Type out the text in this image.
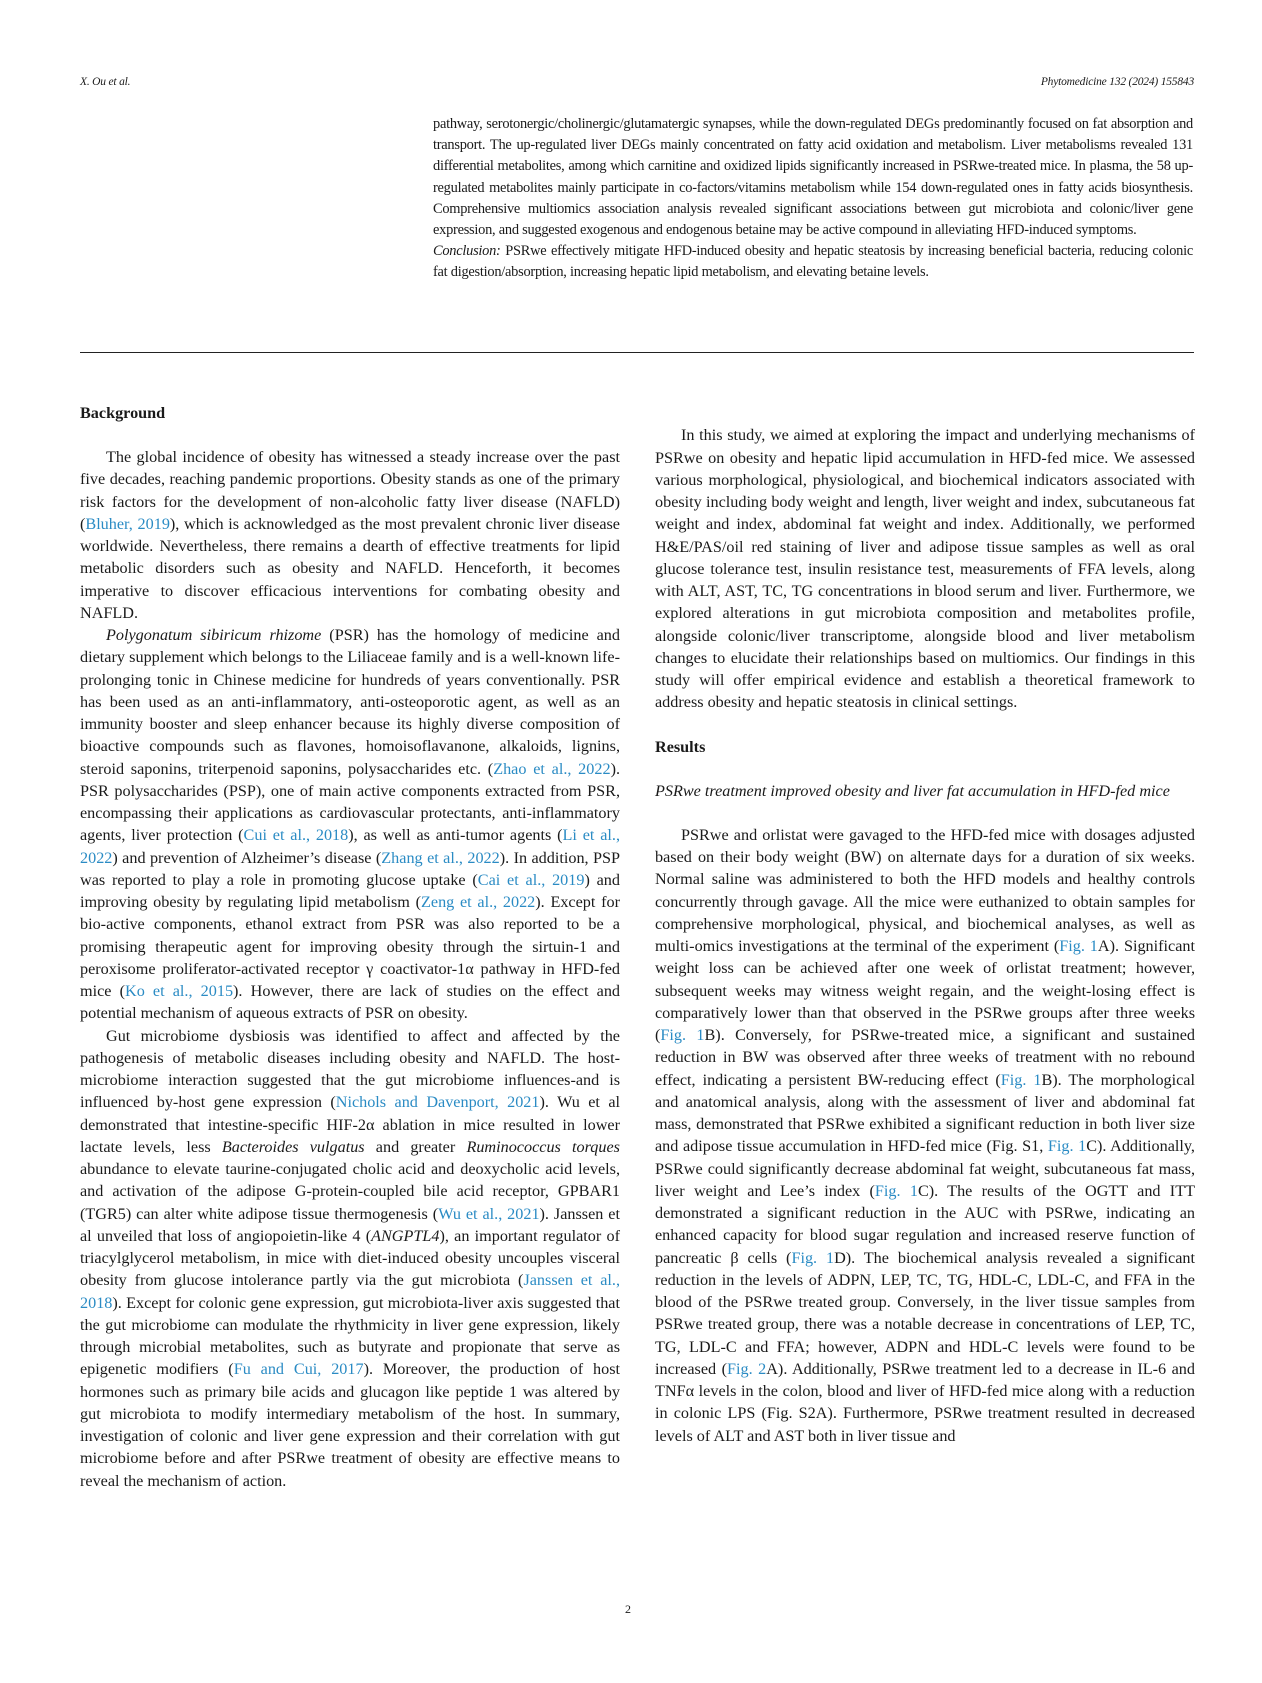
X. Ou et al.	Phytomedicine 132 (2024) 155843

pathway, serotonergic/cholinergic/glutamatergic synapses, while the down-regulated DEGs predominantly focused on fat absorption and transport. The up-regulated liver DEGs mainly concentrated on fatty acid oxidation and metabolism. Liver metabolisms revealed 131 differential metabolites, among which carnitine and oxidized lipids significantly increased in PSRwe-treated mice. In plasma, the 58 up-regulated metabolites mainly participate in co-factors/vitamins metabolism while 154 down-regulated ones in fatty acids biosynthesis. Comprehensive multiomics association analysis revealed significant associations between gut microbiota and colonic/liver gene expression, and suggested exogenous and endogenous betaine may be active compound in alleviating HFD-induced symptoms.

Conclusion: PSRwe effectively mitigate HFD-induced obesity and hepatic steatosis by increasing beneficial bacteria, reducing colonic fat digestion/absorption, increasing hepatic lipid metabolism, and elevating betaine levels.

Background

The global incidence of obesity has witnessed a steady increase over the past five decades, reaching pandemic proportions. Obesity stands as one of the primary risk factors for the development of non-alcoholic fatty liver disease (NAFLD) (Bluher, 2019), which is acknowledged as the most prevalent chronic liver disease worldwide. Nevertheless, there remains a dearth of effective treatments for lipid metabolic disorders such as obesity and NAFLD. Henceforth, it becomes imperative to discover efficacious interventions for combating obesity and NAFLD.

Polygonatum sibiricum rhizome (PSR) has the homology of medicine and dietary supplement which belongs to the Liliaceae family and is a well-known life-prolonging tonic in Chinese medicine for hundreds of years conventionally. PSR has been used as an anti-inflammatory, anti-osteoporotic agent, as well as an immunity booster and sleep enhancer because its highly diverse composition of bioactive compounds such as flavones, homoisoflavanone, alkaloids, lignins, steroid saponins, triterpenoid saponins, polysaccharides etc. (Zhao et al., 2022). PSR polysaccharides (PSP), one of main active components extracted from PSR, encompassing their applications as cardiovascular protectants, anti-inflammatory agents, liver protection (Cui et al., 2018), as well as anti-tumor agents (Li et al., 2022) and prevention of Alzheimer’s disease (Zhang et al., 2022). In addition, PSP was reported to play a role in promoting glucose uptake (Cai et al., 2019) and improving obesity by regulating lipid metabolism (Zeng et al., 2022). Except for bio-active components, ethanol extract from PSR was also reported to be a promising therapeutic agent for improving obesity through the sirtuin-1 and peroxisome proliferator-activated receptor γ coactivator-1α pathway in HFD-fed mice (Ko et al., 2015). However, there are lack of studies on the effect and potential mechanism of aqueous extracts of PSR on obesity.

Gut microbiome dysbiosis was identified to affect and affected by the pathogenesis of metabolic diseases including obesity and NAFLD. The host-microbiome interaction suggested that the gut microbiome influences-and is influenced by-host gene expression (Nichols and Davenport, 2021). Wu et al demonstrated that intestine-specific HIF-2α ablation in mice resulted in lower lactate levels, less Bacteroides vulgatus and greater Ruminococcus torques abundance to elevate taurine-conjugated cholic acid and deoxycholic acid levels, and activation of the adipose G-protein-coupled bile acid receptor, GPBAR1 (TGR5) can alter white adipose tissue thermogenesis (Wu et al., 2021). Janssen et al unveiled that loss of angiopoietin-like 4 (ANGPTL4), an important regulator of triacylglycerol metabolism, in mice with diet-induced obesity uncouples visceral obesity from glucose intolerance partly via the gut microbiota (Janssen et al., 2018). Except for colonic gene expression, gut microbiota-liver axis suggested that the gut microbiome can modulate the rhythmicity in liver gene expression, likely through microbial metabolites, such as butyrate and propionate that serve as epigenetic modifiers (Fu and Cui, 2017). Moreover, the production of host hormones such as primary bile acids and glucagon like peptide 1 was altered by gut microbiota to modify intermediary metabolism of the host. In summary, investigation of colonic and liver gene expression and their correlation with gut microbiome before and after PSRwe treatment of obesity are effective means to reveal the mechanism of action.

In this study, we aimed at exploring the impact and underlying mechanisms of PSRwe on obesity and hepatic lipid accumulation in HFD-fed mice. We assessed various morphological, physiological, and biochemical indicators associated with obesity including body weight and length, liver weight and index, subcutaneous fat weight and index, abdominal fat weight and index. Additionally, we performed H&E/PAS/oil red staining of liver and adipose tissue samples as well as oral glucose tolerance test, insulin resistance test, measurements of FFA levels, along with ALT, AST, TC, TG concentrations in blood serum and liver. Furthermore, we explored alterations in gut microbiota composition and metabolites profile, alongside colonic/liver transcriptome, alongside blood and liver metabolism changes to elucidate their relationships based on multiomics. Our findings in this study will offer empirical evidence and establish a theoretical framework to address obesity and hepatic steatosis in clinical settings.

Results
PSRwe treatment improved obesity and liver fat accumulation in HFD-fed mice

PSRwe and orlistat were gavaged to the HFD-fed mice with dosages adjusted based on their body weight (BW) on alternate days for a duration of six weeks. Normal saline was administered to both the HFD models and healthy controls concurrently through gavage. All the mice were euthanized to obtain samples for comprehensive morphological, physical, and biochemical analyses, as well as multi-omics investigations at the terminal of the experiment (Fig. 1A). Significant weight loss can be achieved after one week of orlistat treatment; however, subsequent weeks may witness weight regain, and the weight-losing effect is comparatively lower than that observed in the PSRwe groups after three weeks (Fig. 1B). Conversely, for PSRwe-treated mice, a significant and sustained reduction in BW was observed after three weeks of treatment with no rebound effect, indicating a persistent BW-reducing effect (Fig. 1B). The morphological and anatomical analysis, along with the assessment of liver and abdominal fat mass, demonstrated that PSRwe exhibited a significant reduction in both liver size and adipose tissue accumulation in HFD-fed mice (Fig. S1, Fig. 1C). Additionally, PSRwe could significantly decrease abdominal fat weight, subcutaneous fat mass, liver weight and Lee’s index (Fig. 1C). The results of the OGTT and ITT demonstrated a significant reduction in the AUC with PSRwe, indicating an enhanced capacity for blood sugar regulation and increased reserve function of pancreatic β cells (Fig. 1D). The biochemical analysis revealed a significant reduction in the levels of ADPN, LEP, TC, TG, HDL-C, LDL-C, and FFA in the blood of the PSRwe treated group. Conversely, in the liver tissue samples from PSRwe treated group, there was a notable decrease in concentrations of LEP, TC, TG, LDL-C and FFA; however, ADPN and HDL-C levels were found to be increased (Fig. 2A). Additionally, PSRwe treatment led to a decrease in IL-6 and TNFα levels in the colon, blood and liver of HFD-fed mice along with a reduction in colonic LPS (Fig. S2A). Furthermore, PSRwe treatment resulted in decreased levels of ALT and AST both in liver tissue and

2
